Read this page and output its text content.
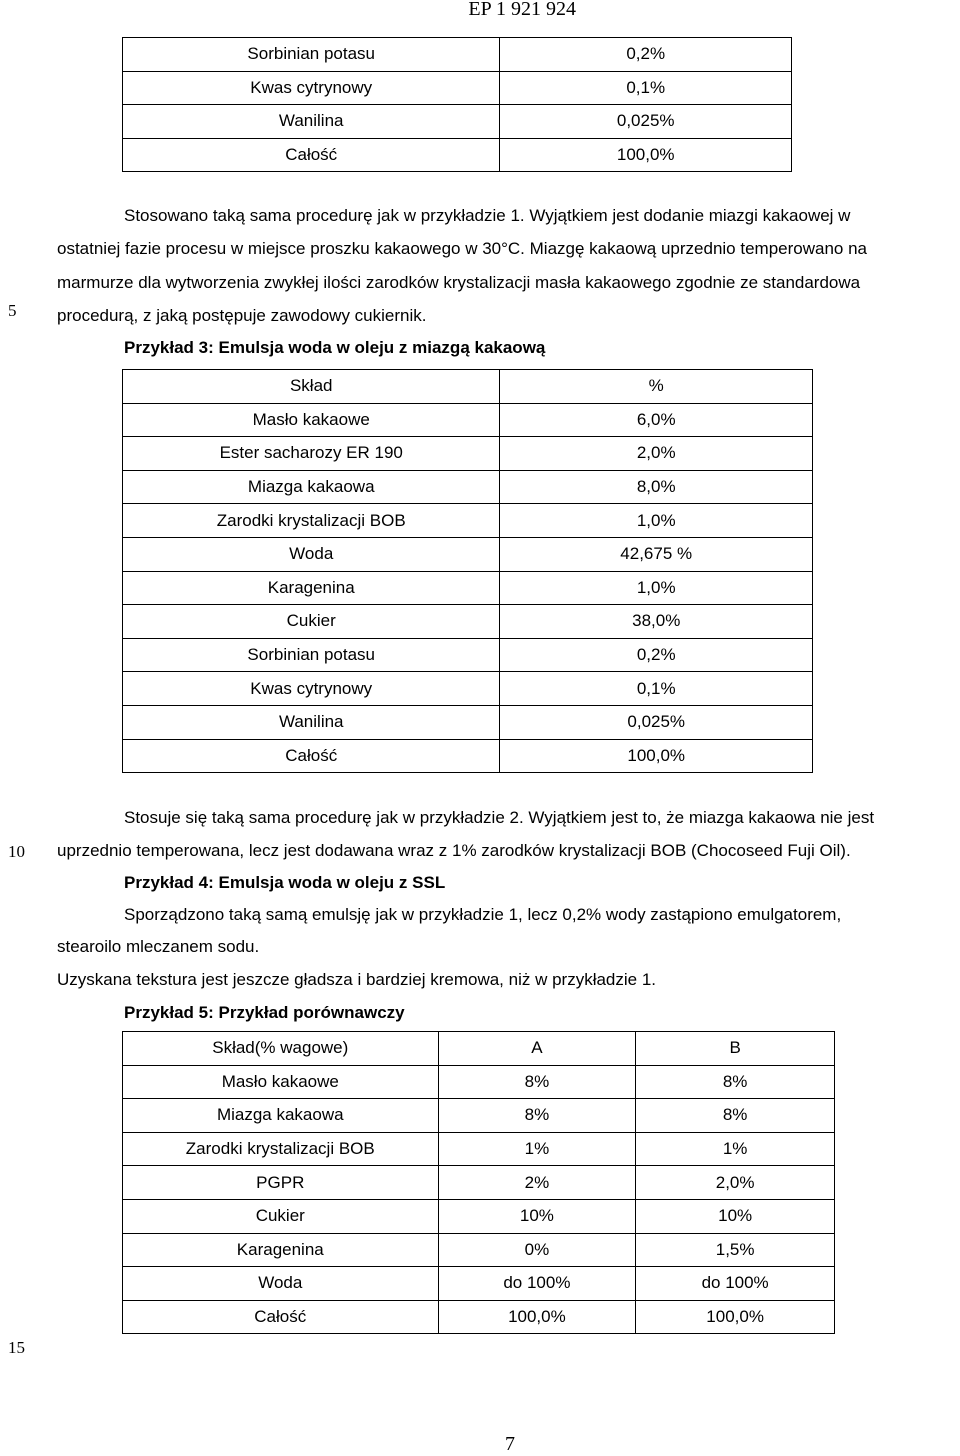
EP 1 921 924
Sorbinian potasu	0,2%
Kwas cytrynowy	0,1%
Wanilina	0,025%
Całość	100,0%
Stosowano taką sama procedurę jak w przykładzie 1. Wyjątkiem jest dodanie miazgi kakaowej w
ostatniej fazie procesu w miejsce proszku kakaowego w 30°C. Miazgę kakaową uprzednio temperowano na
marmurze dla wytworzenia zwykłej ilości zarodków krystalizacji masła kakaowego zgodnie ze standardowa
procedurą, z jaką postępuje zawodowy cukiernik.
5
Przykład 3: Emulsja woda w oleju z miazgą kakaową
Skład	%
Masło kakaowe	6,0%
Ester sacharozy ER 190	2,0%
Miazga kakaowa	8,0%
Zarodki krystalizacji BOB	1,0%
Woda	42,675 %
Karagenina	1,0%
Cukier	38,0%
Sorbinian potasu	0,2%
Kwas cytrynowy	0,1%
Wanilina	0,025%
Całość	100,0%
Stosuje się taką sama procedurę jak w przykładzie 2. Wyjątkiem jest to, że miazga kakaowa nie jest
uprzednio temperowana, lecz jest dodawana wraz z 1% zarodków krystalizacji BOB (Chocoseed Fuji Oil).
10
Przykład 4: Emulsja woda w oleju z SSL
Sporządzono taką samą emulsję jak w przykładzie 1, lecz 0,2% wody zastąpiono emulgatorem,
stearoilo mleczanem sodu.
Uzyskana tekstura jest jeszcze gładsza i bardziej kremowa, niż w przykładzie 1.
Przykład 5: Przykład porównawczy
Skład(% wagowe)	A	B
Masło kakaowe	8%	8%
Miazga kakaowa	8%	8%
Zarodki krystalizacji BOB	1%	1%
PGPR	2%	2,0%
Cukier	10%	10%
Karagenina	0%	1,5%
Woda	do 100%	do 100%
Całość	100,0%	100,0%
15
7
